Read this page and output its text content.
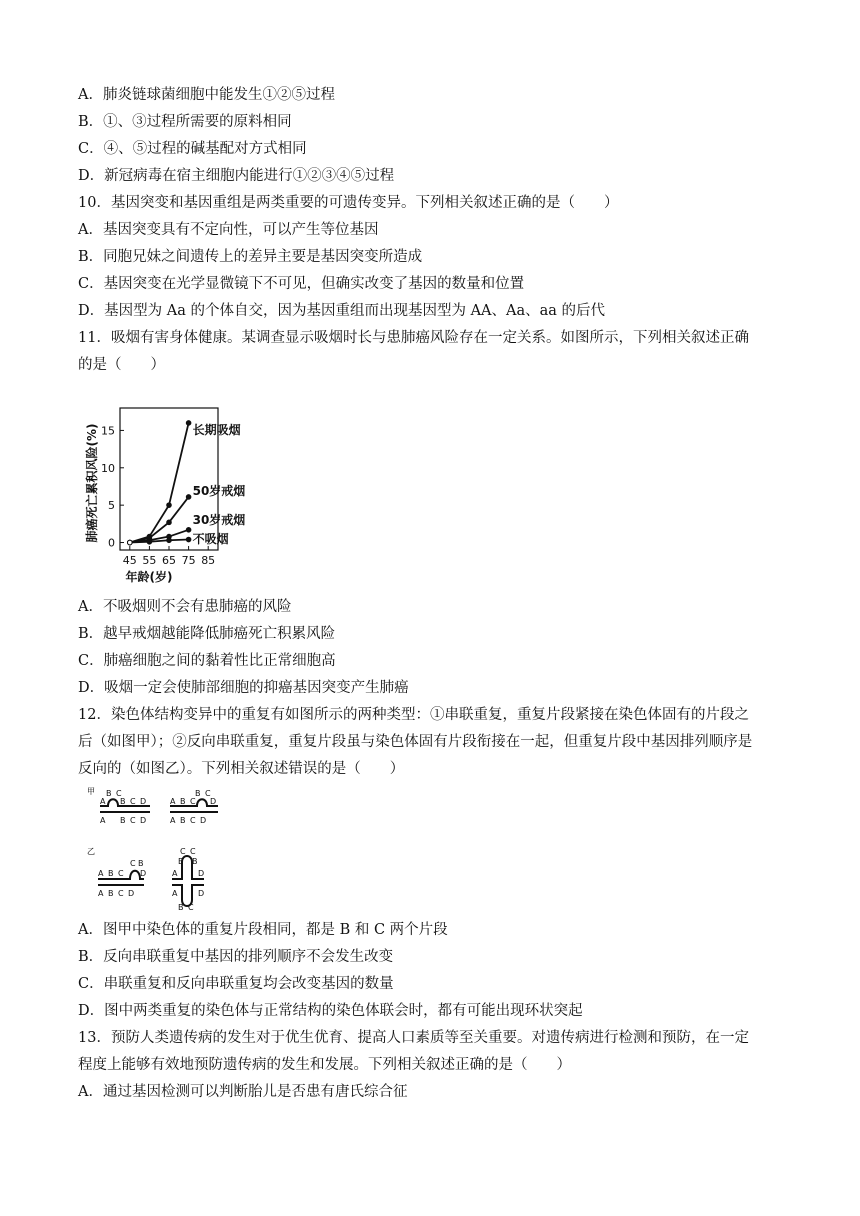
A．肺炎链球菌细胞中能发生①②⑤过程
B．①、③过程所需要的原料相同
C．④、⑤过程的碱基配对方式相同
D．新冠病毒在宿主细胞内能进行①②③④⑤过程
10．基因突变和基因重组是两类重要的可遗传变异。下列相关叙述正确的是（　　）
A．基因突变具有不定向性，可以产生等位基因
B．同胞兄妹之间遗传上的差异主要是基因突变所造成
C．基因突变在光学显微镜下不可见，但确实改变了基因的数量和位置
D．基因型为 Aa 的个体自交，因为基因重组而出现基因型为 AA、Aa、aa 的后代
11．吸烟有害身体健康。某调查显示吸烟时长与患肺癌风险存在一定关系。如图所示，下列相关叙述正确
的是（　　）
0
5
10
15
45 55 65 75 85
年龄(岁)
肺癌死亡累积风险(%)	长期吸烟
50岁戒烟
30岁戒烟
不吸烟
A．不吸烟则不会有患肺癌的风险
B．越早戒烟越能降低肺癌死亡积累风险
C．肺癌细胞之间的黏着性比正常细胞高
D．吸烟一定会使肺部细胞的抑癌基因突变产生肺癌
12．染色体结构变异中的重复有如图所示的两种类型：①串联重复，重复片段紧接在染色体固有的片段之
后（如图甲）；②反向串联重复，重复片段虽与染色体固有片段衔接在一起，但重复片段中基因排列顺序是
反向的（如图乙）。下列相关叙述错误的是（　　）
甲
乙
B C
A B C D
A B C D
B C
A B C D
A B C D
C B
A B C D
A B C D
C C
B B
A	D
A	D
B C
A．图甲中染色体的重复片段相同，都是 B 和 C 两个片段
B．反向串联重复中基因的排列顺序不会发生改变
C．串联重复和反向串联重复均会改变基因的数量
D．图中两类重复的染色体与正常结构的染色体联会时，都有可能出现环状突起
13．预防人类遗传病的发生对于优生优育、提高人口素质等至关重要。对遗传病进行检测和预防，在一定
程度上能够有效地预防遗传病的发生和发展。下列相关叙述正确的是（　　）
A．通过基因检测可以判断胎儿是否患有唐氏综合征
